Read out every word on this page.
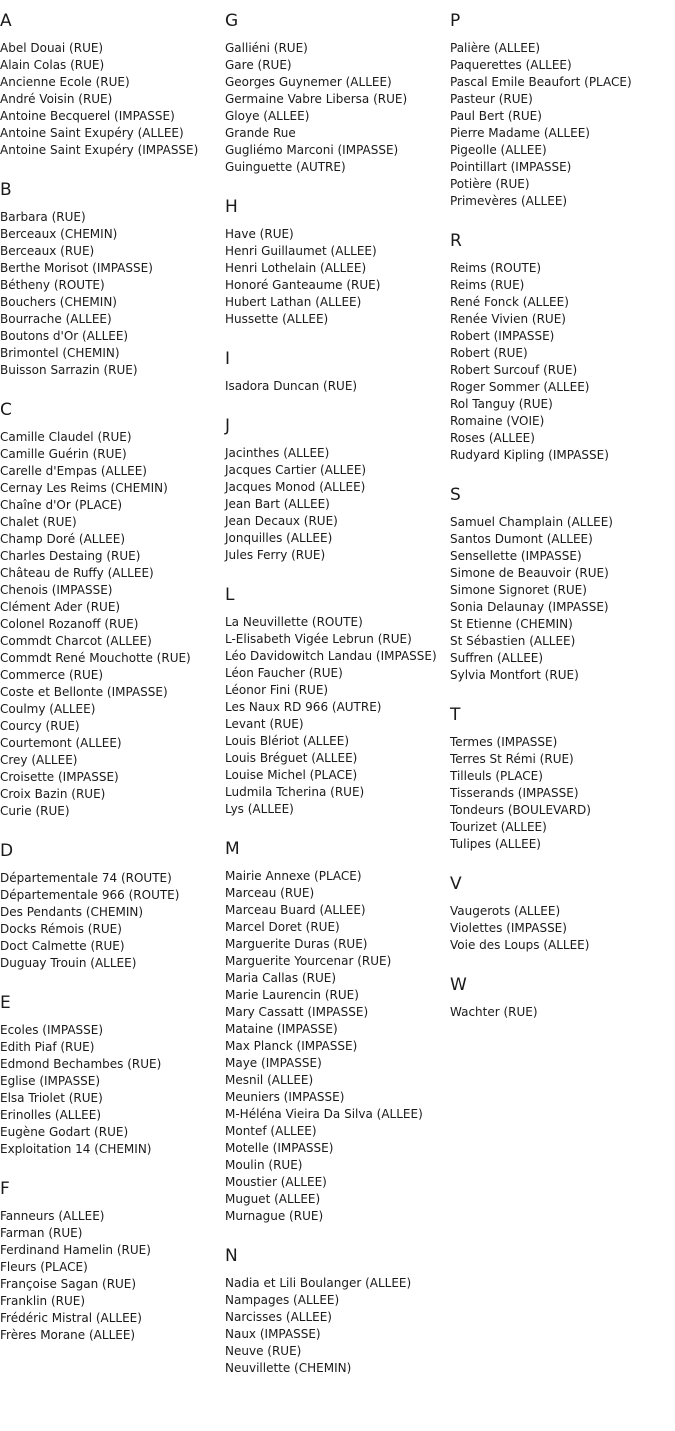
A
Abel Douai (RUE)
Alain Colas (RUE)
Ancienne Ecole (RUE)
André Voisin (RUE)
Antoine Becquerel (IMPASSE)
Antoine Saint Exupéry (ALLEE)
Antoine Saint Exupéry (IMPASSE)
B
Barbara (RUE)
Berceaux (CHEMIN)
Berceaux (RUE)
Berthe Morisot (IMPASSE)
Bétheny (ROUTE)
Bouchers (CHEMIN)
Bourrache (ALLEE)
Boutons d'Or (ALLEE)
Brimontel (CHEMIN)
Buisson Sarrazin (RUE)
C
Camille Claudel (RUE)
Camille Guérin (RUE)
Carelle d'Empas (ALLEE)
Cernay Les Reims (CHEMIN)
Chaîne d'Or (PLACE)
Chalet (RUE)
Champ Doré (ALLEE)
Charles Destaing (RUE)
Château de Ruffy (ALLEE)
Chenois (IMPASSE)
Clément Ader (RUE)
Colonel Rozanoff (RUE)
Commdt Charcot (ALLEE)
Commdt René Mouchotte (RUE)
Commerce (RUE)
Coste et Bellonte (IMPASSE)
Coulmy (ALLEE)
Courcy (RUE)
Courtemont (ALLEE)
Crey (ALLEE)
Croisette (IMPASSE)
Croix Bazin (RUE)
Curie (RUE)
D
Départementale 74 (ROUTE)
Départementale 966 (ROUTE)
Des Pendants (CHEMIN)
Docks Rémois (RUE)
Doct Calmette (RUE)
Duguay Trouin (ALLEE)
E
Ecoles (IMPASSE)
Edith Piaf (RUE)
Edmond Bechambes (RUE)
Eglise (IMPASSE)
Elsa Triolet (RUE)
Erinolles (ALLEE)
Eugène Godart (RUE)
Exploitation 14 (CHEMIN)
F
Fanneurs (ALLEE)
Farman (RUE)
Ferdinand Hamelin (RUE)
Fleurs (PLACE)
Françoise Sagan (RUE)
Franklin (RUE)
Frédéric Mistral (ALLEE)
Frères Morane (ALLEE)
G
Galliéni (RUE)
Gare (RUE)
Georges Guynemer (ALLEE)
Germaine Vabre Libersa (RUE)
Gloye (ALLEE)
Grande Rue
Gugliémo Marconi (IMPASSE)
Guinguette (AUTRE)
H
Have (RUE)
Henri Guillaumet (ALLEE)
Henri Lothelain (ALLEE)
Honoré Ganteaume (RUE)
Hubert Lathan (ALLEE)
Hussette (ALLEE)
I
Isadora Duncan (RUE)
J
Jacinthes (ALLEE)
Jacques Cartier (ALLEE)
Jacques Monod (ALLEE)
Jean Bart (ALLEE)
Jean Decaux (RUE)
Jonquilles (ALLEE)
Jules Ferry (RUE)
L
La Neuvillette (ROUTE)
L-Elisabeth Vigée Lebrun (RUE)
Léo Davidowitch Landau (IMPASSE)
Léon Faucher (RUE)
Léonor Fini (RUE)
Les Naux RD 966 (AUTRE)
Levant (RUE)
Louis Blériot (ALLEE)
Louis Bréguet (ALLEE)
Louise Michel (PLACE)
Ludmila Tcherina (RUE)
Lys (ALLEE)
M
Mairie Annexe (PLACE)
Marceau (RUE)
Marceau Buard (ALLEE)
Marcel Doret (RUE)
Marguerite Duras (RUE)
Marguerite Yourcenar (RUE)
Maria Callas (RUE)
Marie Laurencin (RUE)
Mary Cassatt (IMPASSE)
Mataine (IMPASSE)
Max Planck (IMPASSE)
Maye (IMPASSE)
Mesnil (ALLEE)
Meuniers (IMPASSE)
M-Héléna Vieira Da Silva (ALLEE)
Montef (ALLEE)
Motelle (IMPASSE)
Moulin (RUE)
Moustier (ALLEE)
Muguet (ALLEE)
Murnague (RUE)
N
Nadia et Lili Boulanger (ALLEE)
Nampages (ALLEE)
Narcisses (ALLEE)
Naux (IMPASSE)
Neuve (RUE)
Neuvillette (CHEMIN)
P
Palière (ALLEE)
Paquerettes (ALLEE)
Pascal Emile Beaufort (PLACE)
Pasteur (RUE)
Paul Bert (RUE)
Pierre Madame (ALLEE)
Pigeolle (ALLEE)
Pointillart (IMPASSE)
Potière (RUE)
Primevères (ALLEE)
R
Reims (ROUTE)
Reims (RUE)
René Fonck (ALLEE)
Renée Vivien (RUE)
Robert (IMPASSE)
Robert (RUE)
Robert Surcouf (RUE)
Roger Sommer (ALLEE)
Rol Tanguy (RUE)
Romaine (VOIE)
Roses (ALLEE)
Rudyard Kipling (IMPASSE)
S
Samuel Champlain (ALLEE)
Santos Dumont (ALLEE)
Sensellette (IMPASSE)
Simone de Beauvoir (RUE)
Simone Signoret (RUE)
Sonia Delaunay (IMPASSE)
St Etienne (CHEMIN)
St Sébastien (ALLEE)
Suffren (ALLEE)
Sylvia Montfort (RUE)
T
Termes (IMPASSE)
Terres St Rémi (RUE)
Tilleuls (PLACE)
Tisserands (IMPASSE)
Tondeurs (BOULEVARD)
Tourizet (ALLEE)
Tulipes (ALLEE)
V
Vaugerots (ALLEE)
Violettes (IMPASSE)
Voie des Loups (ALLEE)
W
Wachter (RUE)
